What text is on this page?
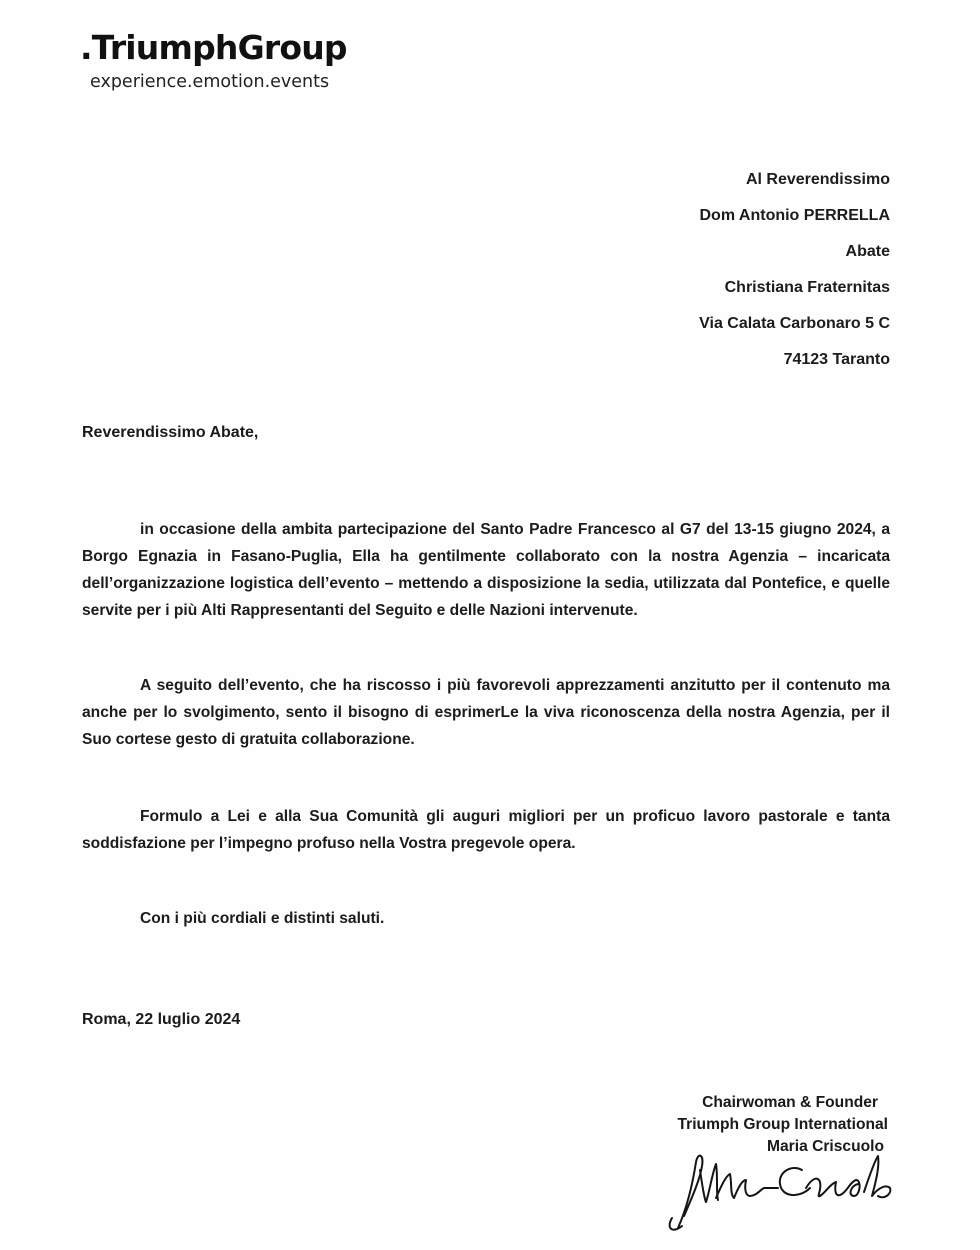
.TriumphGroup
experience.emotion.events
Al Reverendissimo
Dom Antonio PERRELLA
Abate
Christiana Fraternitas
Via Calata Carbonaro 5 C
74123 Taranto
Reverendissimo Abate,

in occasione della ambita partecipazione del Santo Padre Francesco al G7 del 13-15 giugno 2024, a Borgo Egnazia in Fasano-Puglia, Ella ha gentilmente collaborato con la nostra Agenzia – incaricata dell’organizzazione logistica dell’evento – mettendo a disposizione la sedia, utilizzata dal Pontefice, e quelle servite per i più Alti Rappresentanti del Seguito e delle Nazioni intervenute.

A seguito dell’evento, che ha riscosso i più favorevoli apprezzamenti anzitutto per il contenuto ma anche per lo svolgimento, sento il bisogno di esprimerLe la viva riconoscenza della nostra Agenzia, per il Suo cortese gesto di gratuita collaborazione.

Formulo a Lei e alla Sua Comunità gli auguri migliori per un proficuo lavoro pastorale e tanta soddisfazione per l’impegno profuso nella Vostra pregevole opera.

Con i più cordiali e distinti saluti.

Roma, 22 luglio 2024
Chairwoman & Founder
Triumph Group International
Maria Criscuolo
